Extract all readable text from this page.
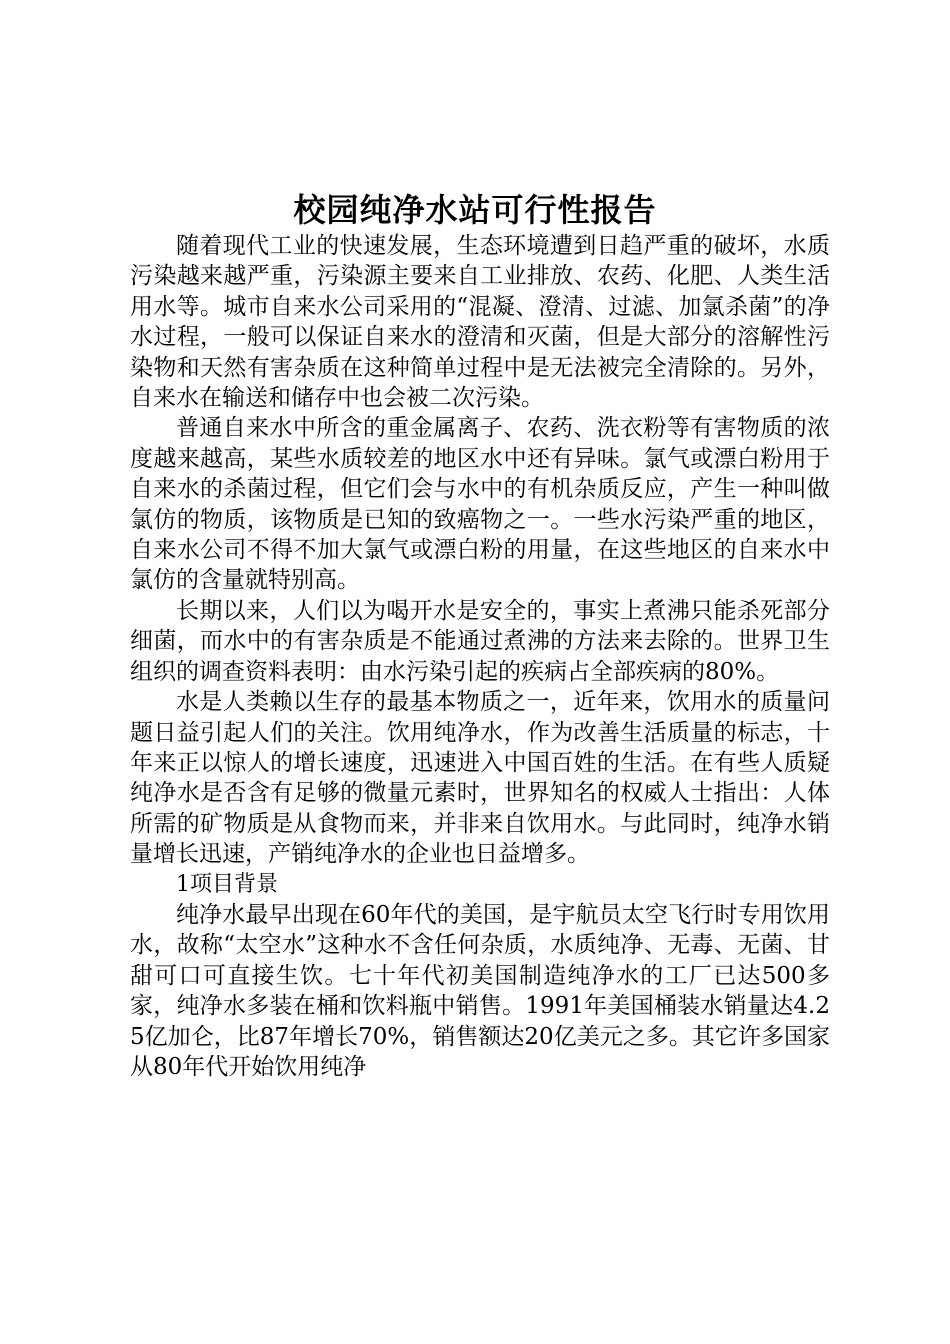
校园纯净水站可行性报告

随着现代工业的快速发展，生态环境遭到日趋严重的破坏，水质污染越来越严重，污染源主要来自工业排放、农药、化肥、人类生活用水等。城市自来水公司采用的“混凝、澄清、过滤、加氯杀菌”的净水过程，一般可以保证自来水的澄清和灭菌，但是大部分的溶解性污染物和天然有害杂质在这种简单过程中是无法被完全清除的。另外，自来水在输送和储存中也会被二次污染。

普通自来水中所含的重金属离子、农药、洗衣粉等有害物质的浓度越来越高，某些水质较差的地区水中还有异味。氯气或漂白粉用于自来水的杀菌过程，但它们会与水中的有机杂质反应，产生一种叫做氯仿的物质，该物质是已知的致癌物之一。一些水污染严重的地区，自来水公司不得不加大氯气或漂白粉的用量，在这些地区的自来水中氯仿的含量就特别高。

长期以来，人们以为喝开水是安全的，事实上煮沸只能杀死部分细菌，而水中的有害杂质是不能通过煮沸的方法来去除的。世界卫生组织的调查资料表明：由水污染引起的疾病占全部疾病的80%。

水是人类赖以生存的最基本物质之一，近年来，饮用水的质量问题日益引起人们的关注。饮用纯净水，作为改善生活质量的标志，十年来正以惊人的增长速度，迅速进入中国百姓的生活。在有些人质疑纯净水是否含有足够的微量元素时，世界知名的权威人士指出：人体所需的矿物质是从食物而来，并非来自饮用水。与此同时，纯净水销量增长迅速，产销纯净水的企业也日益增多。

1项目背景

纯净水最早出现在60年代的美国，是宇航员太空飞行时专用饮用水，故称“太空水”这种水不含任何杂质，水质纯净、无毒、无菌、甘甜可口可直接生饮。七十年代初美国制造纯净水的工厂已达500多家，纯净水多装在桶和饮料瓶中销售。1991年美国桶装水销量达4.25亿加仑，比87年增长70%，销售额达20亿美元之多。其它许多国家从80年代开始饮用纯净
